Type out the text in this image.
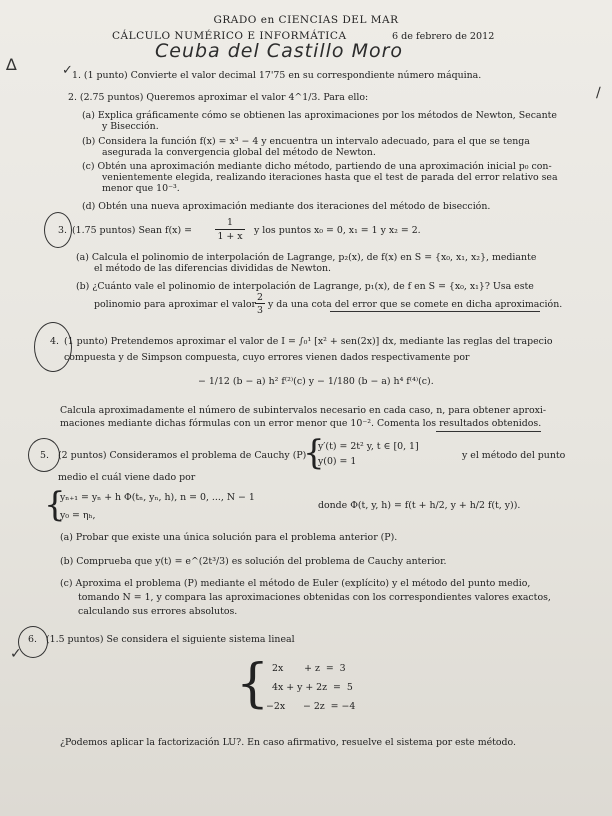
GRADO en CIENCIAS DEL MAR
CÁLCULO NUMÉRICO E INFORMÁTICA	6 de febrero de 2012
Ceuba del Castillo Moro
∆
∕
✓ 1. (1 punto) Convierte el valor decimal 17'75 en su correspondiente número máquina.
2. (2.75 puntos) Queremos aproximar el valor 4^1/3. Para ello:
(a) Explica gráficamente cómo se obtienen las aproximaciones por los métodos de Newton, Secante
y Bisección.
(b) Considera la función f(x) = x³ − 4 y encuentra un intervalo adecuado, para el que se tenga
asegurada la convergencia global del método de Newton.
(c) Obtén una aproximación mediante dicho método, partiendo de una aproximación inicial p₀ con-
venientemente elegida, realizando iteraciones hasta que el test de parada del error relativo sea
menor que 10⁻³.
(d) Obtén una nueva aproximación mediante dos iteraciones del método de bisección.
3. (1.75 puntos) Sean f(x) =
1
1 + x
y los puntos x₀ = 0, x₁ = 1 y x₂ = 2.
(a) Calcula el polinomio de interpolación de Lagrange, p₂(x), de f(x) en S = {x₀, x₁, x₂}, mediante
el método de las diferencias divididas de Newton.
(b) ¿Cuánto vale el polinomio de interpolación de Lagrange, p₁(x), de f en S = {x₀, x₁}? Usa este
polinomio para aproximar el valor
2
3
y da una cota del error que se comete en dicha aproximación.
4. (1 punto) Pretendemos aproximar el valor de I = ∫₀¹ [x² + sen(2x)] dx, mediante las reglas del trapecio
compuesta y de Simpson compuesta, cuyo errores vienen dados respectivamente por
− 1/12 (b − a) h² f⁽²⁾(c) y − 1/180 (b − a) h⁴ f⁽⁴⁾(c).
Calcula aproximadamente el número de subintervalos necesario en cada caso, n, para obtener aproxi-
maciones mediante dichas fórmulas con un error menor que 10⁻². Comenta los resultados obtenidos.
5. (2 puntos) Consideramos el problema de Cauchy (P)
{
y′(t) = 2t² y, t ∈ [0, 1]
y(0) = 1
y el método del punto
medio el cuál viene dado por
{
yₙ₊₁ = yₙ + h Φ(tₙ, yₙ, h), n = 0, ..., N − 1
y₀ = ηₕ,
donde Φ(t, y, h) = f(t + h/2, y + h/2 f(t, y)).
(a) Probar que existe una única solución para el problema anterior (P).
(b) Comprueba que y(t) = e^(2t³/3) es solución del problema de Cauchy anterior.
(c) Aproxima el problema (P) mediante el método de Euler (explícito) y el método del punto medio,
tomando N = 1, y compara las aproximaciones obtenidas con los correspondientes valores exactos,
calculando sus errores absolutos.
✓
6. (1.5 puntos) Se considera el siguiente sistema lineal
{ 2x       + z  =  3
4x + y + 2z  =  5
−2x      − 2z  = −4
¿Podemos aplicar la factorización LU?. En caso afirmativo, resuelve el sistema por este método.
